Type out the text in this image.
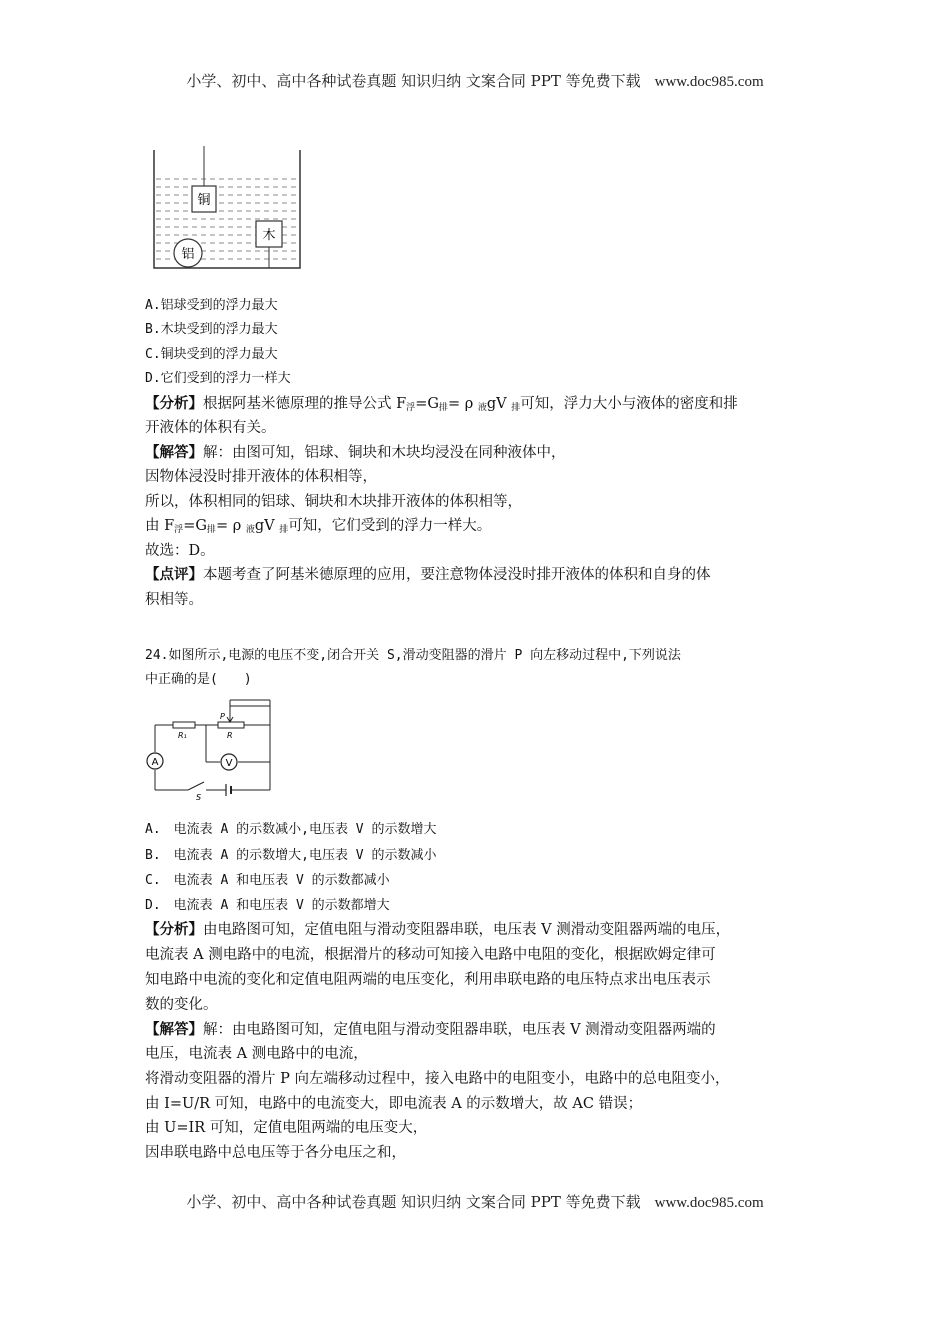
小学、初中、高中各种试卷真题 知识归纳 文案合同 PPT 等免费下载 www.doc985.com
铜
木
铝
A.铝球受到的浮力最大
B.木块受到的浮力最大
C.铜块受到的浮力最大
D.它们受到的浮力一样大
【分析】根据阿基米德原理的推导公式 $F_浮=G_排= \rho$ $_液$gV $_排$可知，浮力大小与液体的密度和排
开液体的体积有关。
【解答】解：由图可知，铝球、铜块和木块均浸没在同种液体中，
因物体浸没时排开液体的体积相等，
所以，体积相同的铝球、铜块和木块排开液体的体积相等，
由 $F_浮=G_排= \rho$ $_液$gV $_排$可知，它们受到的浮力一样大。
故选：D。
【点评】本题考查了阿基米德原理的应用，要注意物体浸没时排开液体的体积和自身的体
积相等。
24.如图所示,电源的电压不变,闭合开关 S,滑动变阻器的滑片 P 向左移动过程中,下列说法
中正确的是(　　)
A	V
P
R₁	R
S
A.　电流表 A 的示数减小,电压表 V 的示数增大
B.　电流表 A 的示数增大,电压表 V 的示数减小
C.　电流表 A 和电压表 V 的示数都减小
D.　电流表 A 和电压表 V 的示数都增大
【分析】由电路图可知，定值电阻与滑动变阻器串联，电压表 V 测滑动变阻器两端的电压，
电流表 A 测电路中的电流，根据滑片的移动可知接入电路中电阻的变化，根据欧姆定律可
知电路中电流的变化和定值电阻两端的电压变化，利用串联电路的电压特点求出电压表示
数的变化。
【解答】解：由电路图可知，定值电阻与滑动变阻器串联，电压表 V 测滑动变阻器两端的
电压，电流表 A 测电路中的电流，
将滑动变阻器的滑片 P 向左端移动过程中，接入电路中的电阻变小，电路中的总电阻变小，
由 I=U/R 可知，电路中的电流变大，即电流表 A 的示数增大，故 AC 错误；
由 U=IR 可知，定值电阻两端的电压变大，
因串联电路中总电压等于各分电压之和，
小学、初中、高中各种试卷真题 知识归纳 文案合同 PPT 等免费下载 www.doc985.com
